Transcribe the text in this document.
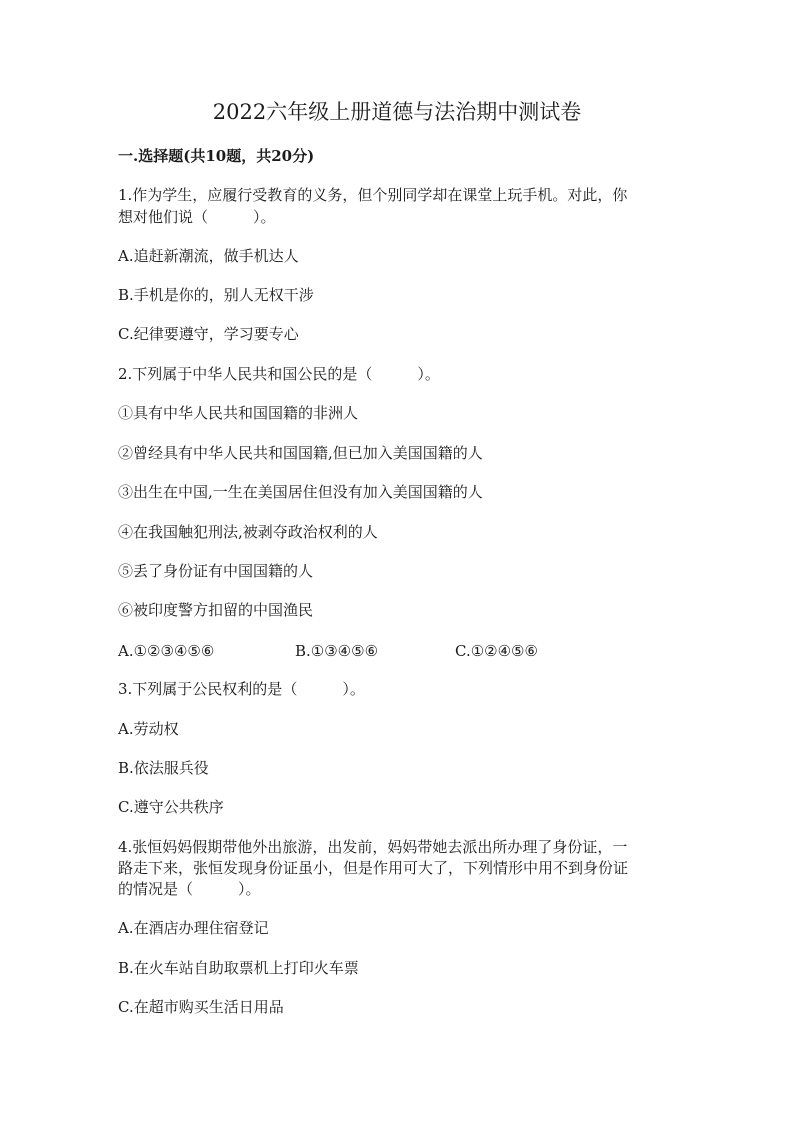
2022六年级上册道德与法治期中测试卷
一.选择题(共10题，共20分)
1.作为学生，应履行受教育的义务，但个别同学却在课堂上玩手机。对此，你
想对他们说（　　　）。
A.追赶新潮流，做手机达人
B.手机是你的，别人无权干涉
C.纪律要遵守，学习要专心
2.下列属于中华人民共和国公民的是（　　　）。
①具有中华人民共和国国籍的非洲人
②曾经具有中华人民共和国国籍,但已加入美国国籍的人
③出生在中国,一生在美国居住但没有加入美国国籍的人
④在我国触犯刑法,被剥夺政治权利的人
⑤丢了身份证有中国国籍的人
⑥被印度警方扣留的中国渔民
A.①②③④⑤⑥	B.①③④⑤⑥	C.①②④⑤⑥
3.下列属于公民权利的是（　　　）。
A.劳动权
B.依法服兵役
C.遵守公共秩序
4.张恒妈妈假期带他外出旅游，出发前，妈妈带她去派出所办理了身份证，一
路走下来，张恒发现身份证虽小，但是作用可大了，下列情形中用不到身份证
的情况是（　　　）。
A.在酒店办理住宿登记
B.在火车站自助取票机上打印火车票
C.在超市购买生活日用品
